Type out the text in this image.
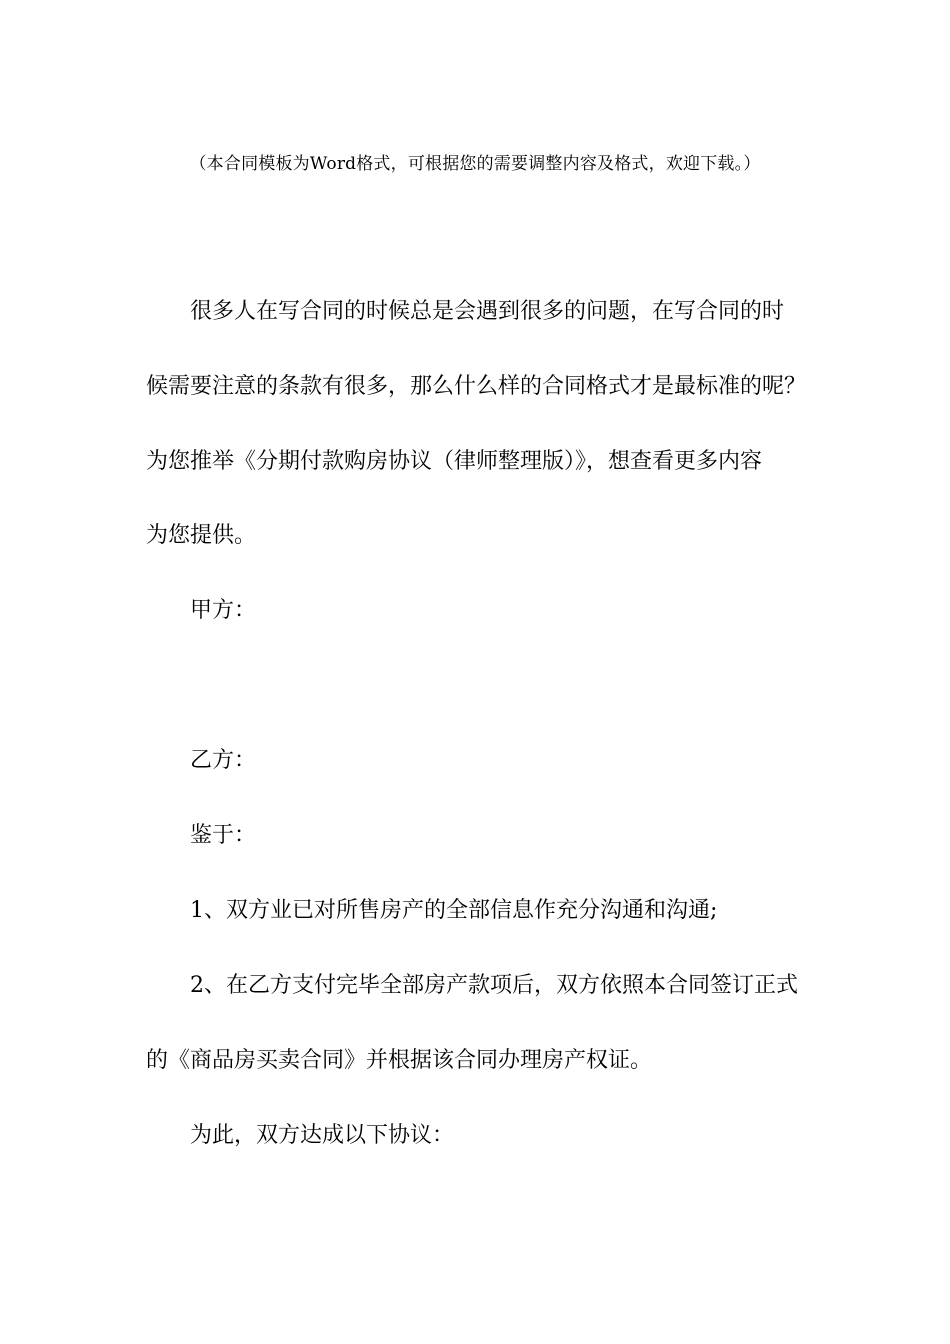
（本合同模板为Word格式，可根据您的需要调整内容及格式，欢迎下载。）
很多人在写合同的时候总是会遇到很多的问题，在写合同的时
候需要注意的条款有很多，那么什么样的合同格式才是最标准的呢？
为您推举《分期付款购房协议（律师整理版）》，想查看更多内容
为您提供。
甲方：
乙方：
鉴于：
1、双方业已对所售房产的全部信息作充分沟通和沟通;
2、在乙方支付完毕全部房产款项后，双方依照本合同签订正式
的《商品房买卖合同》并根据该合同办理房产权证。
为此，双方达成以下协议：
